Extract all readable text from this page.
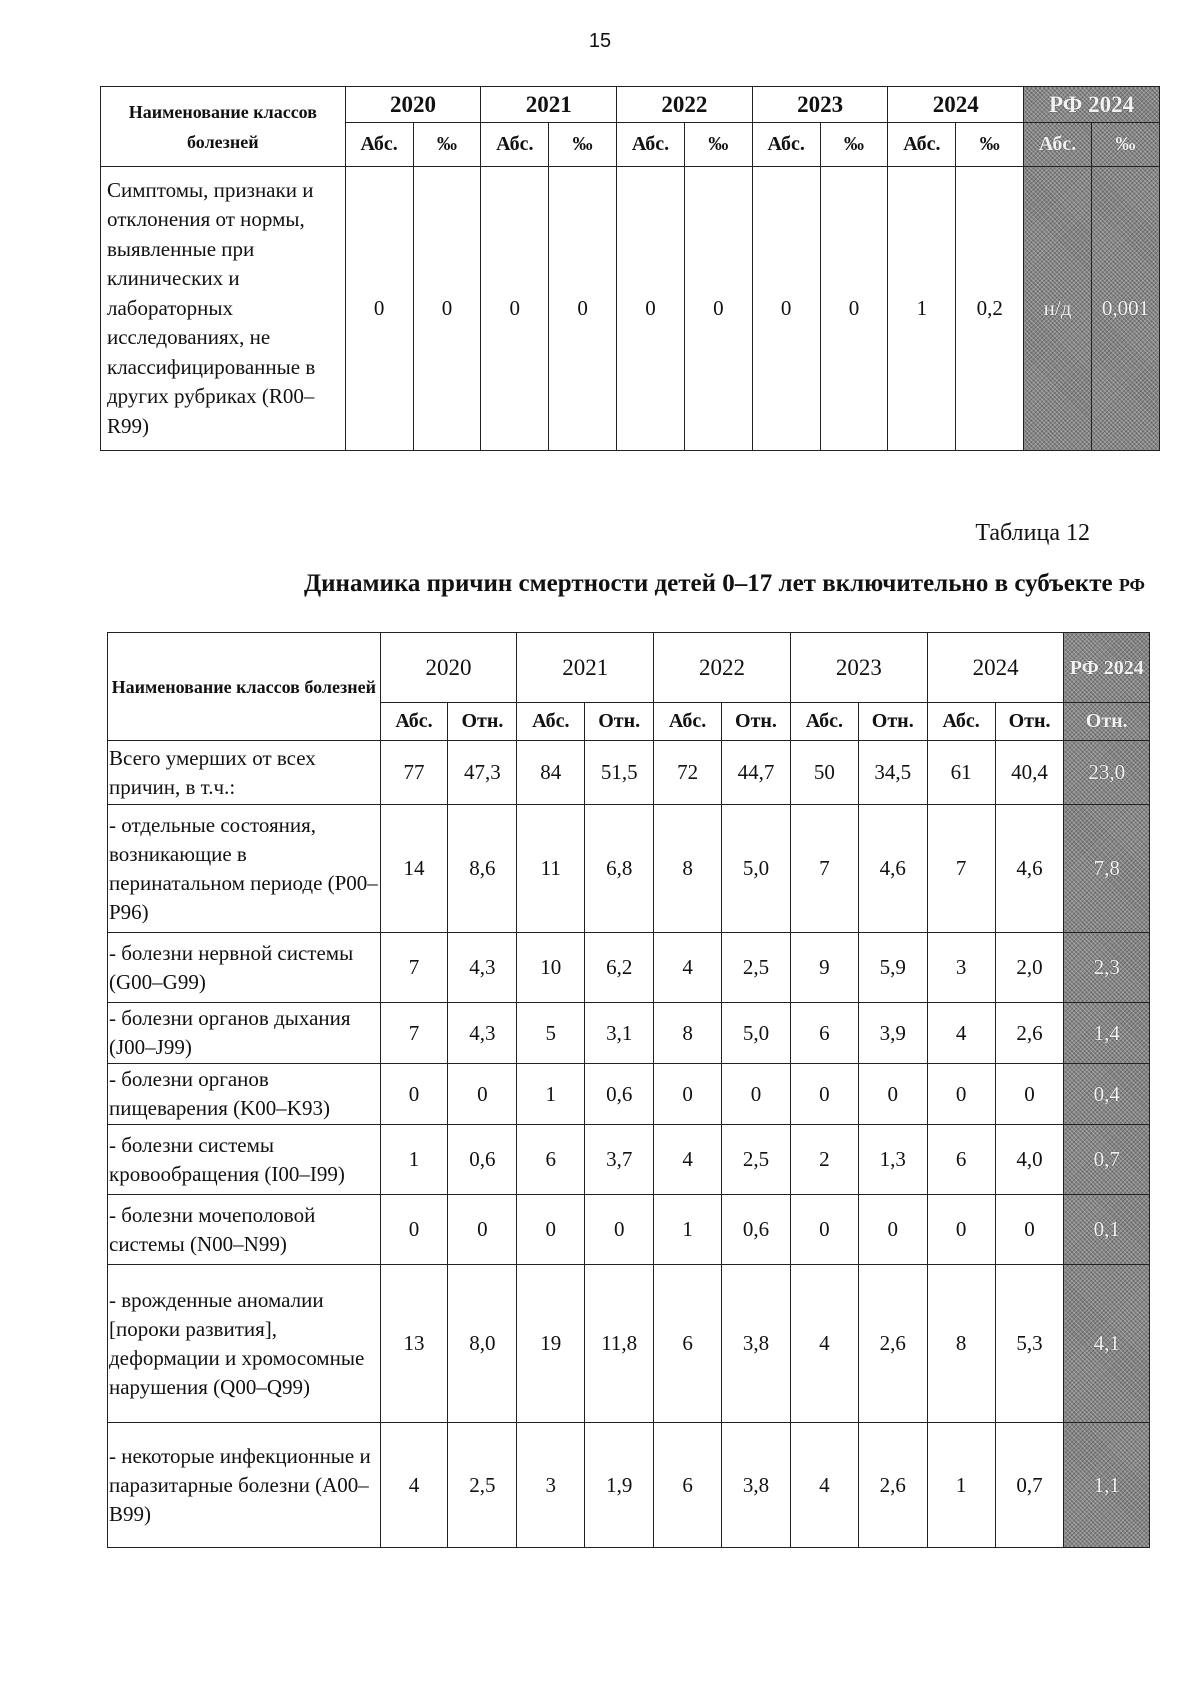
15
Наименование классов болезней	2020		2021		2022		2023		2024		РФ 2024	
	Абс.	‰	Абс.	‰	Абс.	‰	Абс.	‰	Абс.	‰	Абс.	‰
Симптомы, признаки и отклонения от нормы, выявленные при клинических и лабораторных исследованиях, не классифицированные в других рубриках (R00–R99)	0	0	0	0	0	0	0	0	1	0,2	н/д	0,001
Таблица 12
Динамика причин смертности детей 0–17 лет включительно в субъекте РФ
Наименование классов болезней	2020		2021		2022		2023		2024		РФ 2024
	Абс.	Отн.	Абс.	Отн.	Абс.	Отн.	Абс.	Отн.	Абс.	Отн.	Отн.
Всего умерших от всех причин, в т.ч.:	77	47,3	84	51,5	72	44,7	50	34,5	61	40,4	23,0
- отдельные состояния, возникающие в перинатальном периоде (P00–P96)	14	8,6	11	6,8	8	5,0	7	4,6	7	4,6	7,8
- болезни нервной системы (G00–G99)	7	4,3	10	6,2	4	2,5	9	5,9	3	2,0	2,3
- болезни органов дыхания (J00–J99)	7	4,3	5	3,1	8	5,0	6	3,9	4	2,6	1,4
- болезни органов пищеварения (K00–K93)	0	0	1	0,6	0	0	0	0	0	0	0,4
- болезни системы кровообращения (I00–I99)	1	0,6	6	3,7	4	2,5	2	1,3	6	4,0	0,7
- болезни мочеполовой системы (N00–N99)	0	0	0	0	1	0,6	0	0	0	0	0,1
- врожденные аномалии [пороки развития], деформации и хромосомные нарушения (Q00–Q99)	13	8,0	19	11,8	6	3,8	4	2,6	8	5,3	4,1
- некоторые инфекционные и паразитарные болезни (A00–B99)	4	2,5	3	1,9	6	3,8	4	2,6	1	0,7	1,1
